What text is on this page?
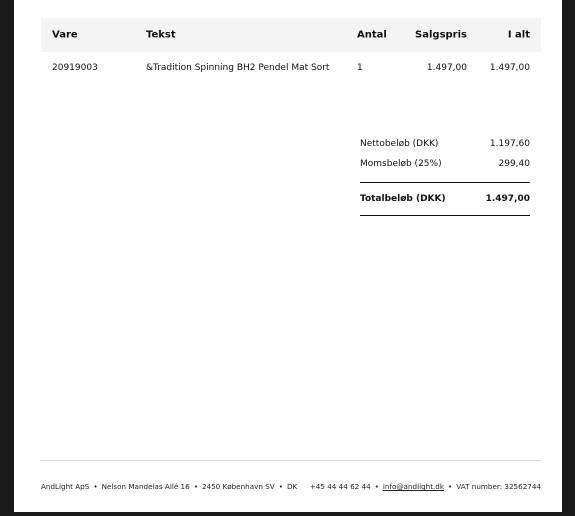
Vare	Tekst	Antal	Salgspris	I alt
20919003	&Tradition Spinning BH2 Pendel Mat Sort	1	1.497,00	1.497,00
Nettobeløb (DKK)	1.197,60
Momsbeløb (25%)	299,40
Totalbeløb (DKK)	1.497,00
AndLight ApS • Nelson Mandelas Allé 16 • 2450 København SV • DK +45 44 44 62 44 • info@andlight.dk • VAT number: 32562744
